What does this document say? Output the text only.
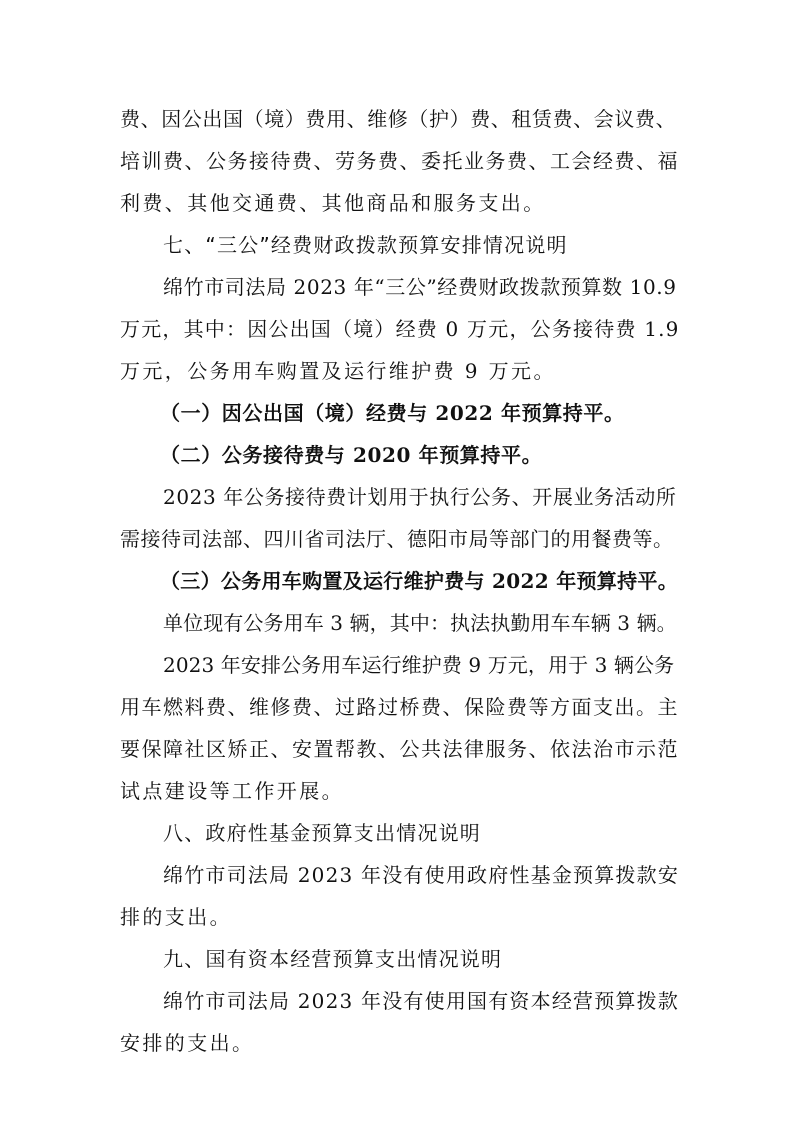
费、因公出国（境）费用、维修（护）费、租赁费、会议费、
培训费、公务接待费、劳务费、委托业务费、工会经费、福
利费、其他交通费、其他商品和服务支出。
七、“三公”经费财政拨款预算安排情况说明
绵竹市司法局 2023 年“三公”经费财政拨款预算数 10.9
万元，其中：因公出国（境）经费 0 万元，公务接待费 1.9
万元，公务用车购置及运行维护费 9 万元。
（一）因公出国（境）经费与 2022 年预算持平。
（二）公务接待费与 2020 年预算持平。
2023 年公务接待费计划用于执行公务、开展业务活动所
需接待司法部、四川省司法厅、德阳市局等部门的用餐费等。
（三）公务用车购置及运行维护费与 2022 年预算持平。
单位现有公务用车 3 辆，其中：执法执勤用车车辆 3 辆。
2023 年安排公务用车运行维护费 9 万元，用于 3 辆公务
用车燃料费、维修费、过路过桥费、保险费等方面支出。主
要保障社区矫正、安置帮教、公共法律服务、依法治市示范
试点建设等工作开展。
八、政府性基金预算支出情况说明
绵竹市司法局 2023 年没有使用政府性基金预算拨款安
排的支出。
九、国有资本经营预算支出情况说明
绵竹市司法局 2023 年没有使用国有资本经营预算拨款
安排的支出。
